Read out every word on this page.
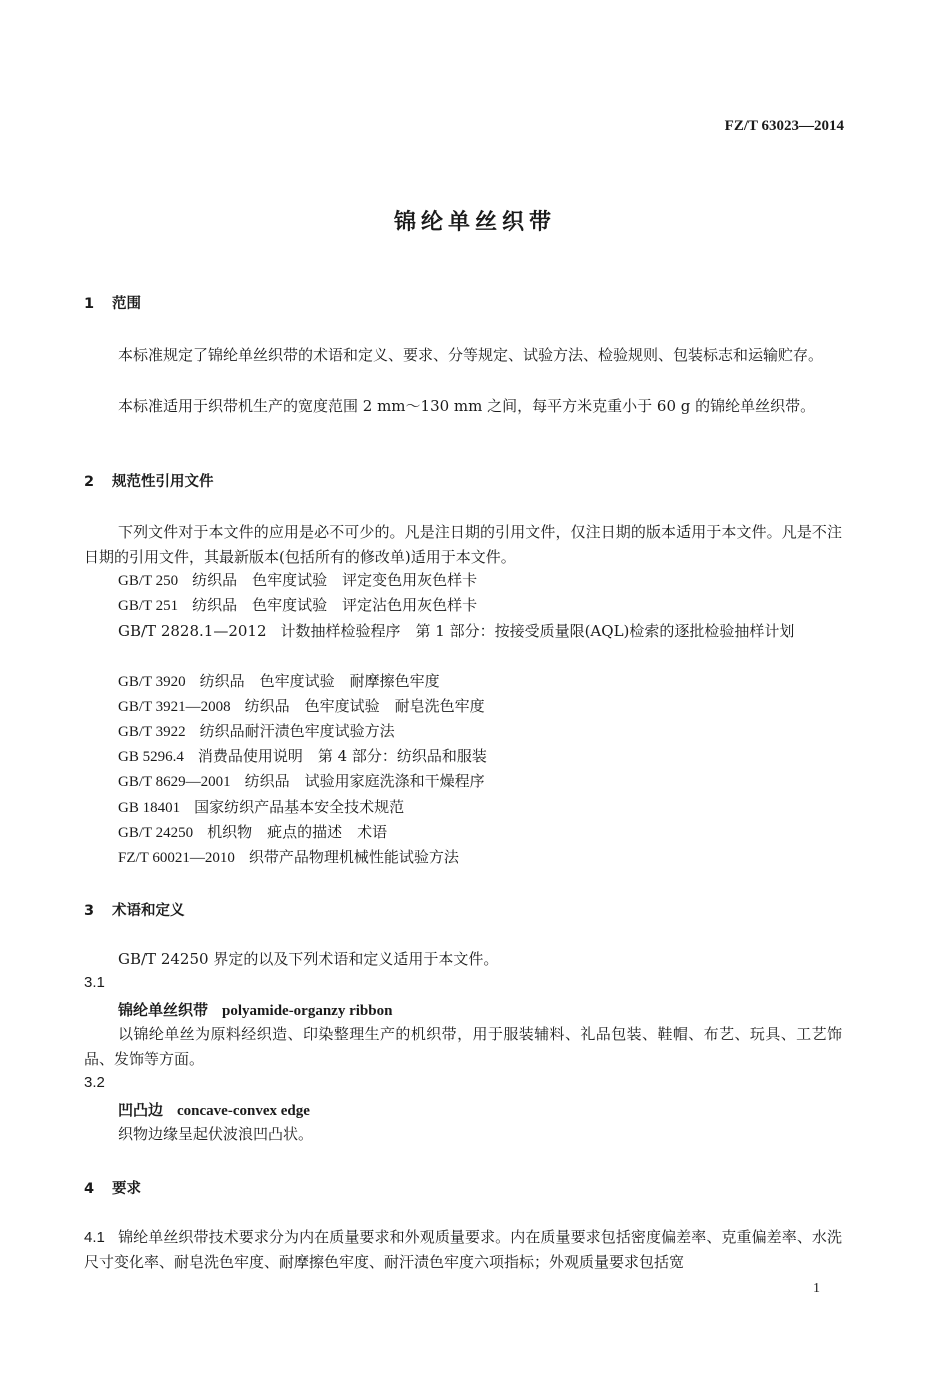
FZ/T 63023—2014
锦纶单丝织带
1 范围
本标准规定了锦纶单丝织带的术语和定义、要求、分等规定、试验方法、检验规则、包装标志和运输贮存。
本标准适用于织带机生产的宽度范围 2 mm～130 mm 之间，每平方米克重小于 60 g 的锦纶单丝织带。
2 规范性引用文件
下列文件对于本文件的应用是必不可少的。凡是注日期的引用文件，仅注日期的版本适用于本文件。凡是不注日期的引用文件，其最新版本(包括所有的修改单)适用于本文件。
GB/T 250 纺织品　色牢度试验　评定变色用灰色样卡
GB/T 251 纺织品　色牢度试验　评定沾色用灰色样卡
GB/T 2828.1—2012 计数抽样检验程序　第 1 部分：按接受质量限(AQL)检索的逐批检验抽样计划
GB/T 3920 纺织品　色牢度试验　耐摩擦色牢度
GB/T 3921—2008 纺织品　色牢度试验　耐皂洗色牢度
GB/T 3922 纺织品耐汗渍色牢度试验方法
GB 5296.4 消费品使用说明　第 4 部分：纺织品和服装
GB/T 8629—2001 纺织品　试验用家庭洗涤和干燥程序
GB 18401 国家纺织产品基本安全技术规范
GB/T 24250 机织物　疵点的描述　术语
FZ/T 60021—2010 织带产品物理机械性能试验方法
3 术语和定义
GB/T 24250 界定的以及下列术语和定义适用于本文件。
3.1
锦纶单丝织带 polyamide-organzy ribbon
以锦纶单丝为原料经织造、印染整理生产的机织带，用于服装辅料、礼品包装、鞋帽、布艺、玩具、工艺饰品、发饰等方面。
3.2
凹凸边 concave-convex edge
织物边缘呈起伏波浪凹凸状。
4 要求
4.1 锦纶单丝织带技术要求分为内在质量要求和外观质量要求。内在质量要求包括密度偏差率、克重偏差率、水洗尺寸变化率、耐皂洗色牢度、耐摩擦色牢度、耐汗渍色牢度六项指标；外观质量要求包括宽
1
